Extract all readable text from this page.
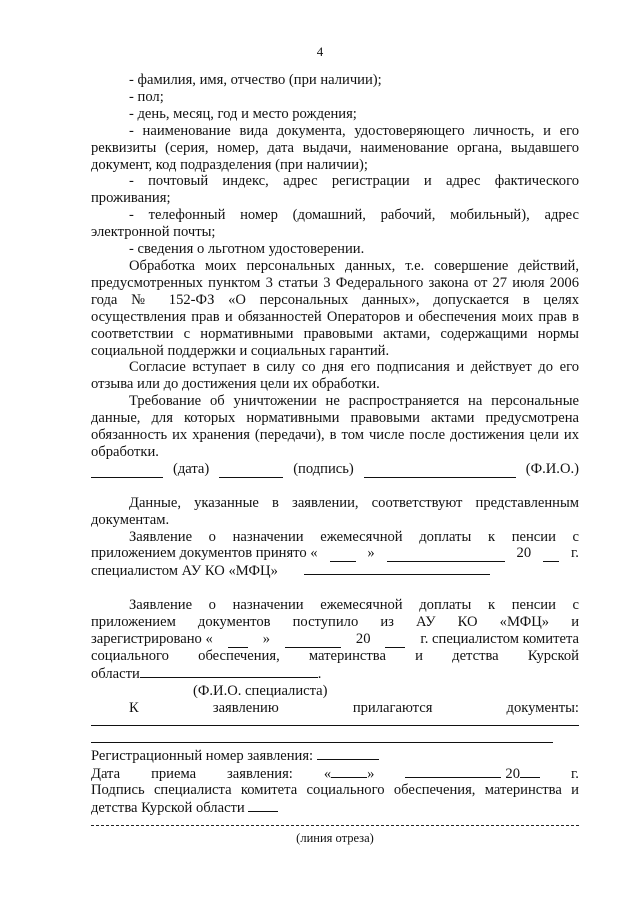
4

- фамилия, имя, отчество (при наличии);

- пол;

- день, месяц, год и место рождения;

- наименование вида документа, удостоверяющего личность, и его реквизиты (серия, номер, дата выдачи, наименование органа, выдавшего документ, код подразделения (при наличии);

- почтовый индекс, адрес регистрации и адрес фактического проживания;

- телефонный номер (домашний, рабочий, мобильный), адрес электронной почты;

- сведения о льготном удостоверении.

Обработка моих персональных данных, т.е. совершение действий, предусмотренных пунктом 3 статьи 3 Федерального закона от 27 июля 2006 года № 152-ФЗ «О персональных данных», допускается в целях осуществления прав и обязанностей Операторов и обеспечения моих прав в соответствии с нормативными правовыми актами, содержащими нормы социальной поддержки и социальных гарантий.

Согласие вступает в силу со дня его подписания и действует до его отзыва или до достижения цели их обработки.

Требование об уничтожении не распространяется на персональные данные, для которых нормативными правовыми актами предусмотрена обязанность их хранения (передачи), в том числе после достижения цели их обработки.

(дата)	(подпись)	(Ф.И.О.)

Данные, указанные в заявлении, соответствуют представленным документам.

Заявление о назначении ежемесячной доплаты к пенсии с

приложением документов принято «	»	20	г.
специалистом АУ КО «МФЦ»

Заявление о назначении ежемесячной доплаты к пенсии с

приложением документов поступило из АУ КО «МФЦ» и

зарегистрировано «	»	20	г. специалистом комитета

социального обеспечения, материнства и детства Курской

области	.
(Ф.И.О. специалиста)
К	заявлению	прилагаются	документы:
Регистрационный номер заявления:
Дата приема заявления: « »	20	г.

Подпись специалиста комитета социального обеспечения, материнства и детства Курской области

(линия отреза)
